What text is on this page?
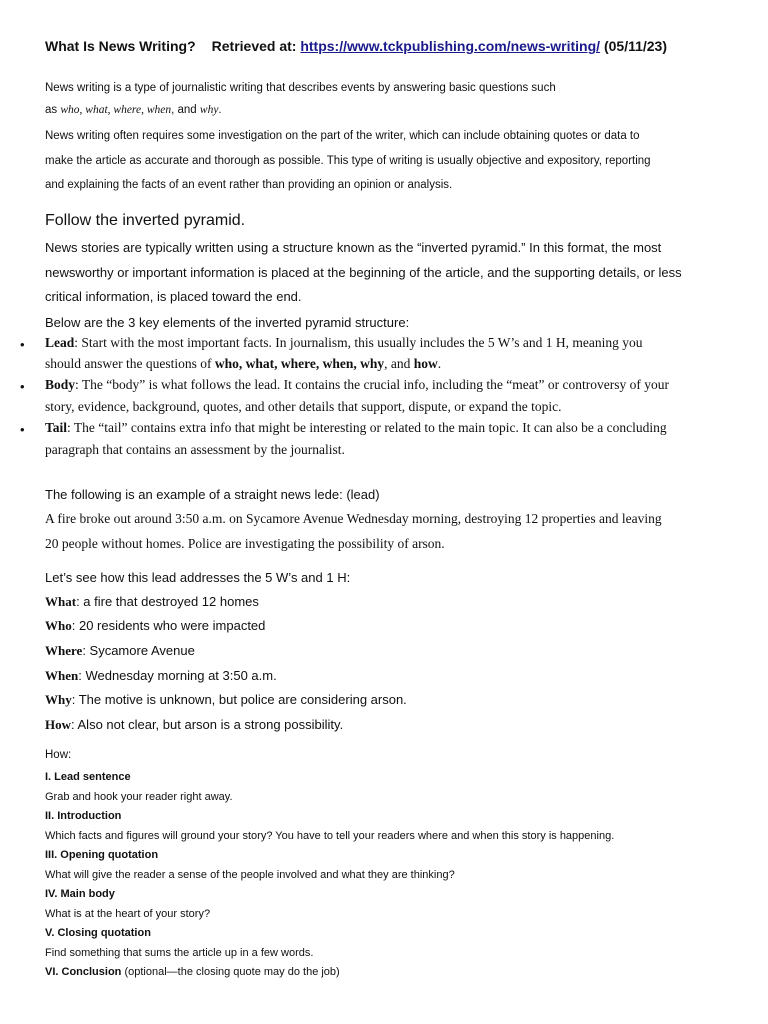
What Is News Writing? Retrieved at: https://www.tckpublishing.com/news-writing/ (05/11/23)
News writing is a type of journalistic writing that describes events by answering basic questions such
as who, what, where, when, and why.
News writing often requires some investigation on the part of the writer, which can include obtaining quotes or data to
make the article as accurate and thorough as possible. This type of writing is usually objective and expository, reporting
and explaining the facts of an event rather than providing an opinion or analysis.
Follow the inverted pyramid.
News stories are typically written using a structure known as the “inverted pyramid.” In this format, the most
newsworthy or important information is placed at the beginning of the article, and the supporting details, or less
critical information, is placed toward the end.
Below are the 3 key elements of the inverted pyramid structure:
• Lead: Start with the most important facts. In journalism, this usually includes the 5 W’s and 1 H, meaning you
should answer the questions of who, what, where, when, why, and how.
• Body: The “body” is what follows the lead. It contains the crucial info, including the “meat” or controversy of your
story, evidence, background, quotes, and other details that support, dispute, or expand the topic.
• Tail: The “tail” contains extra info that might be interesting or related to the main topic. It can also be a concluding
paragraph that contains an assessment by the journalist.
The following is an example of a straight news lede: (lead)
A fire broke out around 3:50 a.m. on Sycamore Avenue Wednesday morning, destroying 12 properties and leaving
20 people without homes. Police are investigating the possibility of arson.
Let’s see how this lead addresses the 5 W’s and 1 H:
What: a fire that destroyed 12 homes
Who: 20 residents who were impacted
Where: Sycamore Avenue
When: Wednesday morning at 3:50 a.m.
Why: The motive is unknown, but police are considering arson.
How: Also not clear, but arson is a strong possibility.
How:
I. Lead sentence
Grab and hook your reader right away.
II. Introduction
Which facts and figures will ground your story? You have to tell your readers where and when this story is happening.
III. Opening quotation
What will give the reader a sense of the people involved and what they are thinking?
IV. Main body
What is at the heart of your story?
V. Closing quotation
Find something that sums the article up in a few words.
VI. Conclusion (optional—the closing quote may do the job)
